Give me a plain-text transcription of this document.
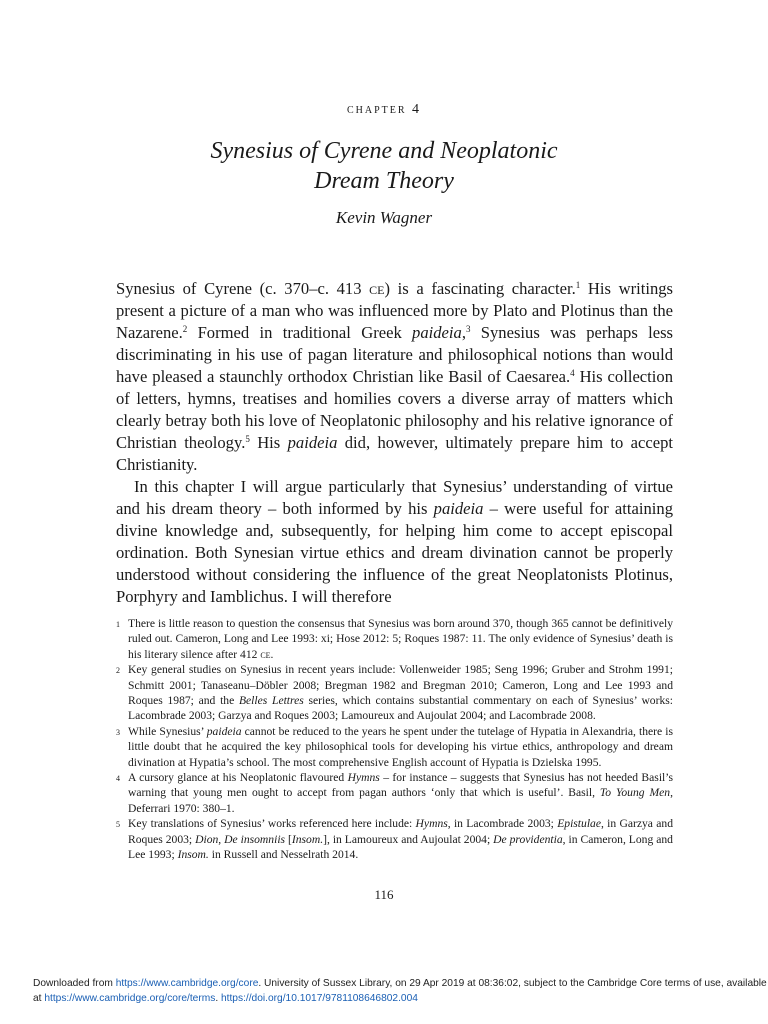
chapter 4
Synesius of Cyrene and Neoplatonic
Dream Theory
Kevin Wagner

Synesius of Cyrene (c. 370–c. 413 ce) is a fascinating character.$^1$ His writings present a picture of a man who was influenced more by Plato and Plotinus than the Nazarene.$^2$ Formed in traditional Greek paideia,$^3$ Synesius was perhaps less discriminating in his use of pagan literature and philosophical notions than would have pleased a staunchly orthodox Christian like Basil of Caesarea.$^4$ His collection of letters, hymns, treatises and homilies covers a diverse array of matters which clearly betray both his love of Neoplatonic philosophy and his relative ignorance of Christian theology.$^5$ His paideia did, however, ultimately prepare him to accept Christianity.

In this chapter I will argue particularly that Synesius’ understanding of virtue and his dream theory – both informed by his paideia – were useful for attaining divine knowledge and, subsequently, for helping him come to accept episcopal ordination. Both Synesian virtue ethics and dream divination cannot be properly understood without considering the influence of the great Neoplatonists Plotinus, Porphyry and Iamblichus. I will therefore

1 There is little reason to question the consensus that Synesius was born around 370, though 365 cannot be definitively ruled out. Cameron, Long and Lee 1993: xi; Hose 2012: 5; Roques 1987: 11. The only evidence of Synesius’ death is his literary silence after 412 ce.
2 Key general studies on Synesius in recent years include: Vollenweider 1985; Seng 1996; Gruber and Strohm 1991; Schmitt 2001; Tanaseanu–Döbler 2008; Bregman 1982 and Bregman 2010; Cameron, Long and Lee 1993 and Roques 1987; and the Belles Lettres series, which contains substantial commentary on each of Synesius’ works: Lacombrade 2003; Garzya and Roques 2003; Lamoureux and Aujoulat 2004; and Lacombrade 2008.
3 While Synesius’ paideia cannot be reduced to the years he spent under the tutelage of Hypatia in Alexandria, there is little doubt that he acquired the key philosophical tools for developing his virtue ethics, anthropology and dream divination at Hypatia’s school. The most comprehensive English account of Hypatia is Dzielska 1995.
4 A cursory glance at his Neoplatonic flavoured Hymns – for instance – suggests that Synesius has not heeded Basil’s warning that young men ought to accept from pagan authors ‘only that which is useful’. Basil, To Young Men, Deferrari 1970: 380–1.
5 Key translations of Synesius’ works referenced here include: Hymns, in Lacombrade 2003; Epistulae, in Garzya and Roques 2003; Dion, De insomniis [Insom.], in Lamoureux and Aujoulat 2004; De providentia, in Cameron, Long and Lee 1993; Insom. in Russell and Nesselrath 2014.
116
Downloaded from https://www.cambridge.org/core. University of Sussex Library, on 29 Apr 2019 at 08:36:02, subject to the Cambridge Core terms of use, available at https://www.cambridge.org/core/terms. https://doi.org/10.1017/9781108646802.004
